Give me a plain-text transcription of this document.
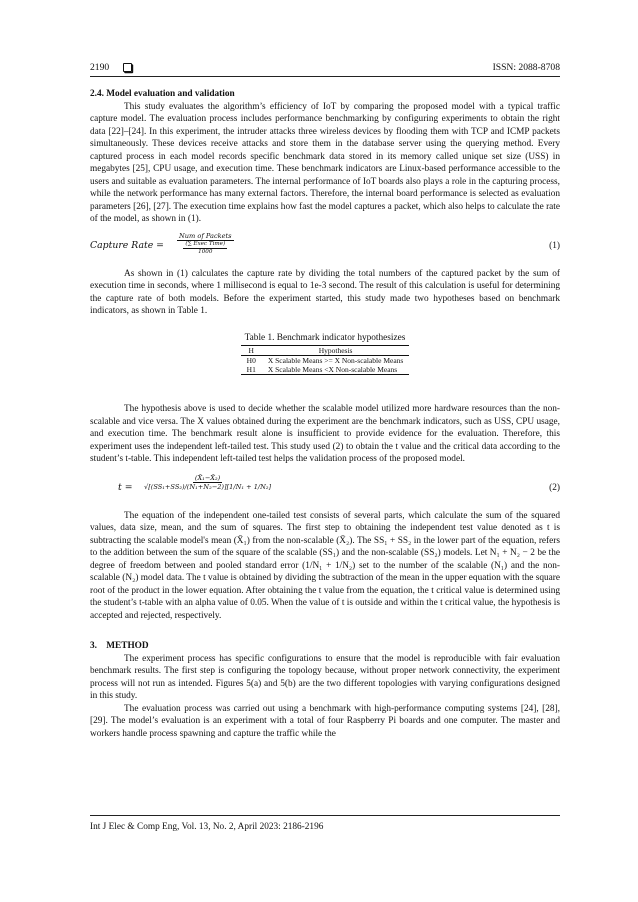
2190	ISSN: 2088-8708
2.4. Model evaluation and validation

This study evaluates the algorithm’s efficiency of IoT by comparing the proposed model with a typical traffic capture model. The evaluation process includes performance benchmarking by configuring experiments to obtain the right data [22]–[24]. In this experiment, the intruder attacks three wireless devices by flooding them with TCP and ICMP packets simultaneously. These devices receive attacks and store them in the database server using the querying method. Every captured process in each model records specific benchmark data stored in its memory called unique set size (USS) in megabytes [25], CPU usage, and execution time. These benchmark indicators are Linux-based performance accessible to the users and suitable as evaluation parameters. The internal performance of IoT boards also plays a role in the capturing process, while the network performance has many external factors. Therefore, the internal board performance is selected as evaluation parameters [26], [27]. The execution time explains how fast the model captures a packet, which also helps to calculate the rate of the model, as shown in (1).

Capture Rate =
Num of Packets
$\frac{\text{(∑ Exec Time)}}{1000}$	(1)

As shown in (1) calculates the capture rate by dividing the total numbers of the captured packet by the sum of execution time in seconds, where 1 millisecond is equal to 1e-3 second. The result of this calculation is useful for determining the capture rate of both models. Before the experiment started, this study made two hypotheses based on benchmark indicators, as shown in Table 1.

Table 1. Benchmark indicator hypothesizes
H	Hypothesis
H0	X Scalable Means >= X Non-scalable Means
H1	X Scalable Means <X Non-scalable Means

The hypothesis above is used to decide whether the scalable model utilized more hardware resources than the non-scalable and vice versa. The X values obtained during the experiment are the benchmark indicators, such as USS, CPU usage, and execution time. The benchmark result alone is insufficient to provide evidence for the evaluation. Therefore, this experiment uses the independent left-tailed test. This study used (2) to obtain the t value and the critical data according to the student’s t-table. This independent left-tailed test helps the validation process of the proposed model.

$t = \frac{\text{(X̄₁−X̄₂)}}{\text{√[(SS₁+SS₂)/(N₁+N₂−2)][1/N₁ + 1/N₂]}}$	(2)

The equation of the independent one-tailed test consists of several parts, which calculate the sum of the squared values, data size, mean, and the sum of squares. The first step to obtaining the independent test value denoted as t is subtracting the scalable model's mean (X̄₁) from the non-scalable (X̄₂). The SS₁ + SS₂ in the lower part of the equation, refers to the addition between the sum of the square of the scalable (SS₁) and the non-scalable (SS₂) models. Let N₁ + N₂ − 2 be the degree of freedom between and pooled standard error (1/N₁ + 1/N₂) set to the number of the scalable (N₁) and the non-scalable (N₂) model data. The t value is obtained by dividing the subtraction of the mean in the upper equation with the square root of the product in the lower equation. After obtaining the t value from the equation, the t critical value is determined using the student’s t-table with an alpha value of 0.05. When the value of t is outside and within the t critical value, the hypothesis is accepted and rejected, respectively.

3.    METHOD

The experiment process has specific configurations to ensure that the model is reproducible with fair evaluation benchmark results. The first step is configuring the topology because, without proper network connectivity, the experiment process will not run as intended. Figures 5(a) and 5(b) are the two different topologies with varying configurations designed in this study.

The evaluation process was carried out using a benchmark with high-performance computing systems [24], [28], [29]. The model’s evaluation is an experiment with a total of four Raspberry Pi boards and one computer. The master and workers handle process spawning and capture the traffic while the

Int J Elec & Comp Eng, Vol. 13, No. 2, April 2023: 2186-2196
